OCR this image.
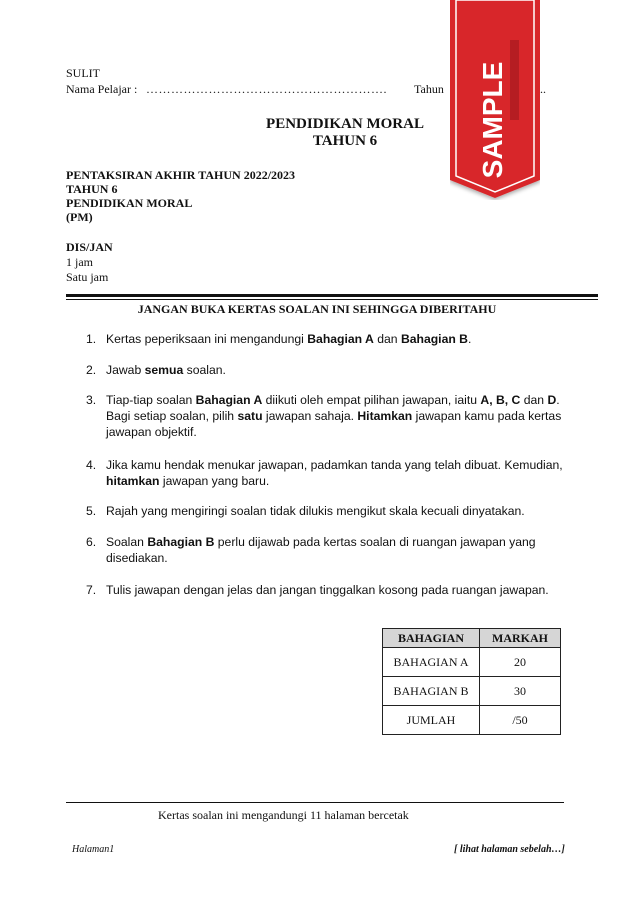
SULIT
Nama Pelajar : …………………………………………………. Tahun	..
PENDIDIKAN MORAL
TAHUN 6
PENTAKSIRAN AKHIR TAHUN 2022/2023
TAHUN 6
PENDIDIKAN MORAL
(PM)
DIS/JAN
1 jam
Satu jam
JANGAN BUKA KERTAS SOALAN INI SEHINGGA DIBERITAHU
1. Kertas peperiksaan ini mengandungi Bahagian A dan Bahagian B.
2. Jawab semua soalan.
3. Tiap-tiap soalan Bahagian A diikuti oleh empat pilihan jawapan, iaitu A, B, C dan D. Bagi setiap soalan, pilih satu jawapan sahaja. Hitamkan jawapan kamu pada kertas jawapan objektif.
4. Jika kamu hendak menukar jawapan, padamkan tanda yang telah dibuat. Kemudian, hitamkan jawapan yang baru.
5. Rajah yang mengiringi soalan tidak dilukis mengikut skala kecuali dinyatakan.
6. Soalan Bahagian B perlu dijawab pada kertas soalan di ruangan jawapan yang disediakan.
7. Tulis jawapan dengan jelas dan jangan tinggalkan kosong pada ruangan jawapan.
BAHAGIAN	MARKAH
BAHAGIAN A	20
BAHAGIAN B	30
JUMLAH	/50
Kertas soalan ini mengandungi 11 halaman bercetak
Halaman1	[ lihat halaman sebelah…]
SAMPLE
